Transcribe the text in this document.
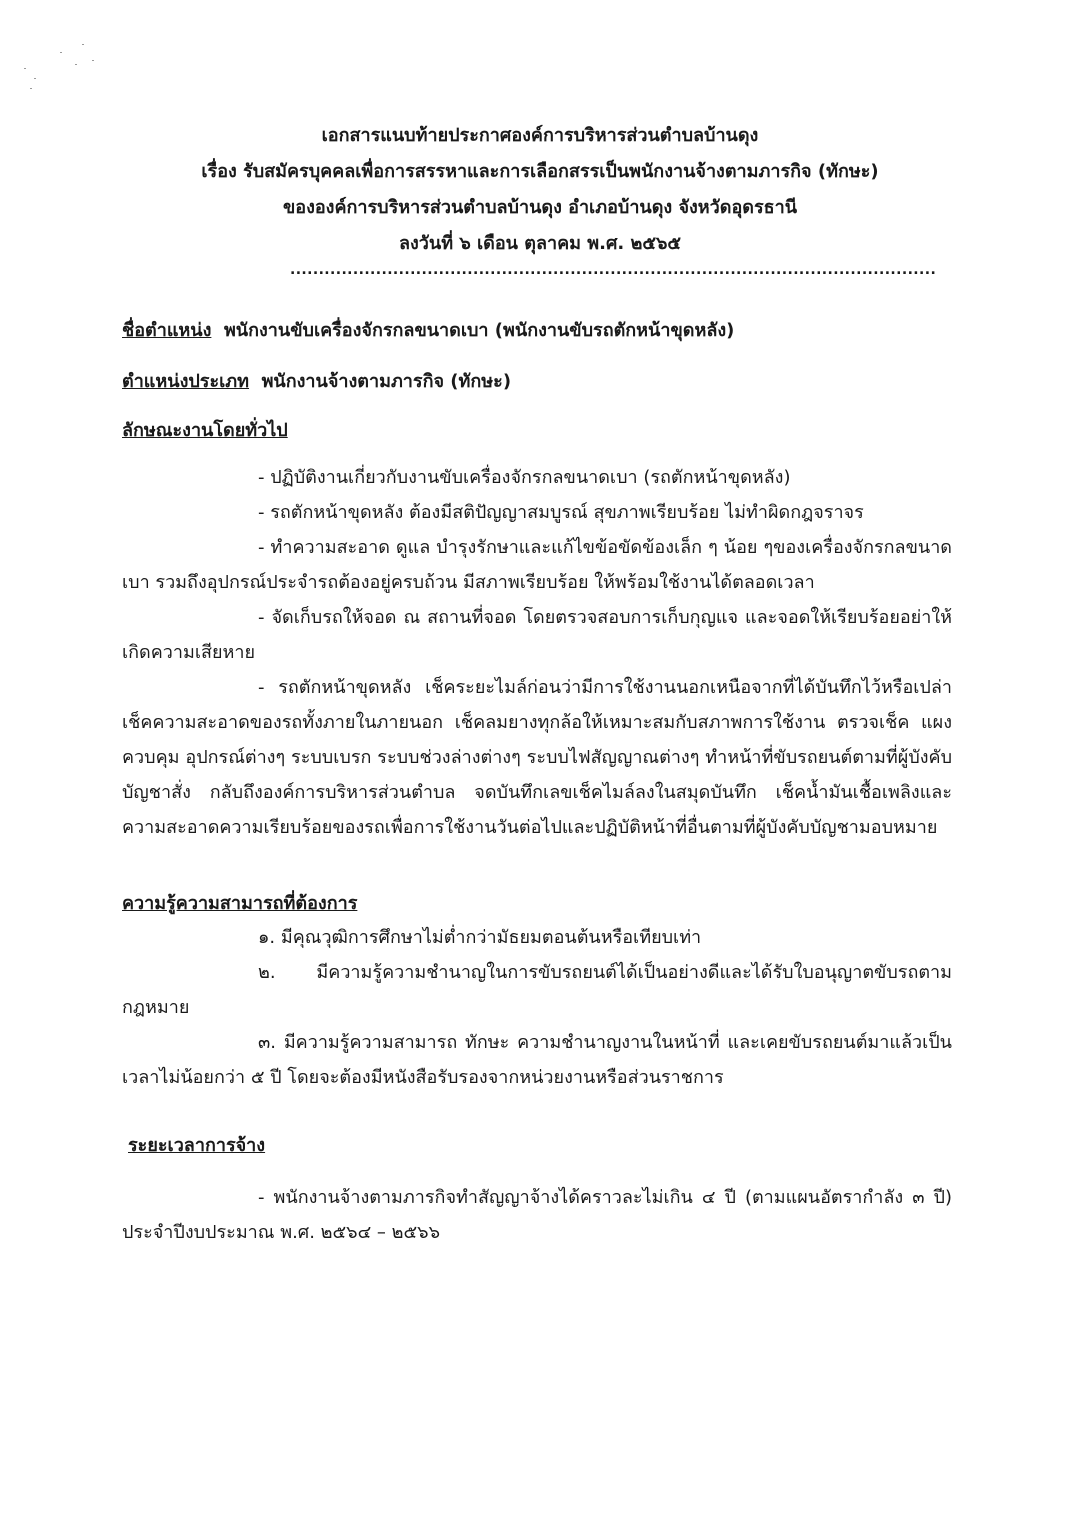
เอกสารแนบท้ายประกาศองค์การบริหารส่วนตำบลบ้านดุง
เรื่อง รับสมัครบุคคลเพื่อการสรรหาและการเลือกสรรเป็นพนักงานจ้างตามภารกิจ (ทักษะ)
ขององค์การบริหารส่วนตำบลบ้านดุง อำเภอบ้านดุง จังหวัดอุดรธานี
ลงวันที่ ๖ เดือน ตุลาคม พ.ศ. ๒๕๖๕
.................................................................................................................
ชื่อตำแหน่ง พนักงานขับเครื่องจักรกลขนาดเบา (พนักงานขับรถตักหน้าขุดหลัง)
ตำแหน่งประเภท พนักงานจ้างตามภารกิจ (ทักษะ)
ลักษณะงานโดยทั่วไป

- ปฏิบัติงานเกี่ยวกับงานขับเครื่องจักรกลขนาดเบา (รถตักหน้าขุดหลัง)

- รถตักหน้าขุดหลัง ต้องมีสติปัญญาสมบูรณ์ สุขภาพเรียบร้อย ไม่ทำผิดกฎจราจร

- ทำความสะอาด ดูแล บำรุงรักษาและแก้ไขข้อขัดข้องเล็ก ๆ น้อย ๆของเครื่องจักรกลขนาดเบา รวมถึงอุปกรณ์ประจำรถต้องอยู่ครบถ้วน มีสภาพเรียบร้อย ให้พร้อมใช้งานได้ตลอดเวลา

- จัดเก็บรถให้จอด ณ สถานที่จอด โดยตรวจสอบการเก็บกุญแจ และจอดให้เรียบร้อยอย่าให้เกิดความเสียหาย

- รถตักหน้าขุดหลัง เช็คระยะไมล์ก่อนว่ามีการใช้งานนอกเหนือจากที่ได้บันทึกไว้หรือเปล่า เช็คความสะอาดของรถทั้งภายในภายนอก เช็คลมยางทุกล้อให้เหมาะสมกับสภาพการใช้งาน ตรวจเช็ค แผงควบคุม อุปกรณ์ต่างๆ ระบบเบรก ระบบช่วงล่างต่างๆ ระบบไฟสัญญาณต่างๆ ทำหน้าที่ขับรถยนต์ตามที่ผู้บังคับบัญชาสั่ง กลับถึงองค์การบริหารส่วนตำบล จดบันทึกเลขเช็คไมล์ลงในสมุดบันทึก เช็คน้ำมันเชื้อเพลิงและความสะอาดความเรียบร้อยของรถเพื่อการใช้งานวันต่อไปและปฏิบัติหน้าที่อื่นตามที่ผู้บังคับบัญชามอบหมาย

ความรู้ความสามารถที่ต้องการ

๑. มีคุณวุฒิการศึกษาไม่ต่ำกว่ามัธยมตอนต้นหรือเทียบเท่า

๒. มีความรู้ความชำนาญในการขับรถยนต์ได้เป็นอย่างดีและได้รับใบอนุญาตขับรถตามกฎหมาย

๓. มีความรู้ความสามารถ ทักษะ ความชำนาญงานในหน้าที่ และเคยขับรถยนต์มาแล้วเป็นเวลาไม่น้อยกว่า ๕ ปี โดยจะต้องมีหนังสือรับรองจากหน่วยงานหรือส่วนราชการ

ระยะเวลาการจ้าง

- พนักงานจ้างตามภารกิจทำสัญญาจ้างได้คราวละไม่เกิน ๔ ปี (ตามแผนอัตรากำลัง ๓ ปี) ประจำปีงบประมาณ พ.ศ. ๒๕๖๔ – ๒๕๖๖
